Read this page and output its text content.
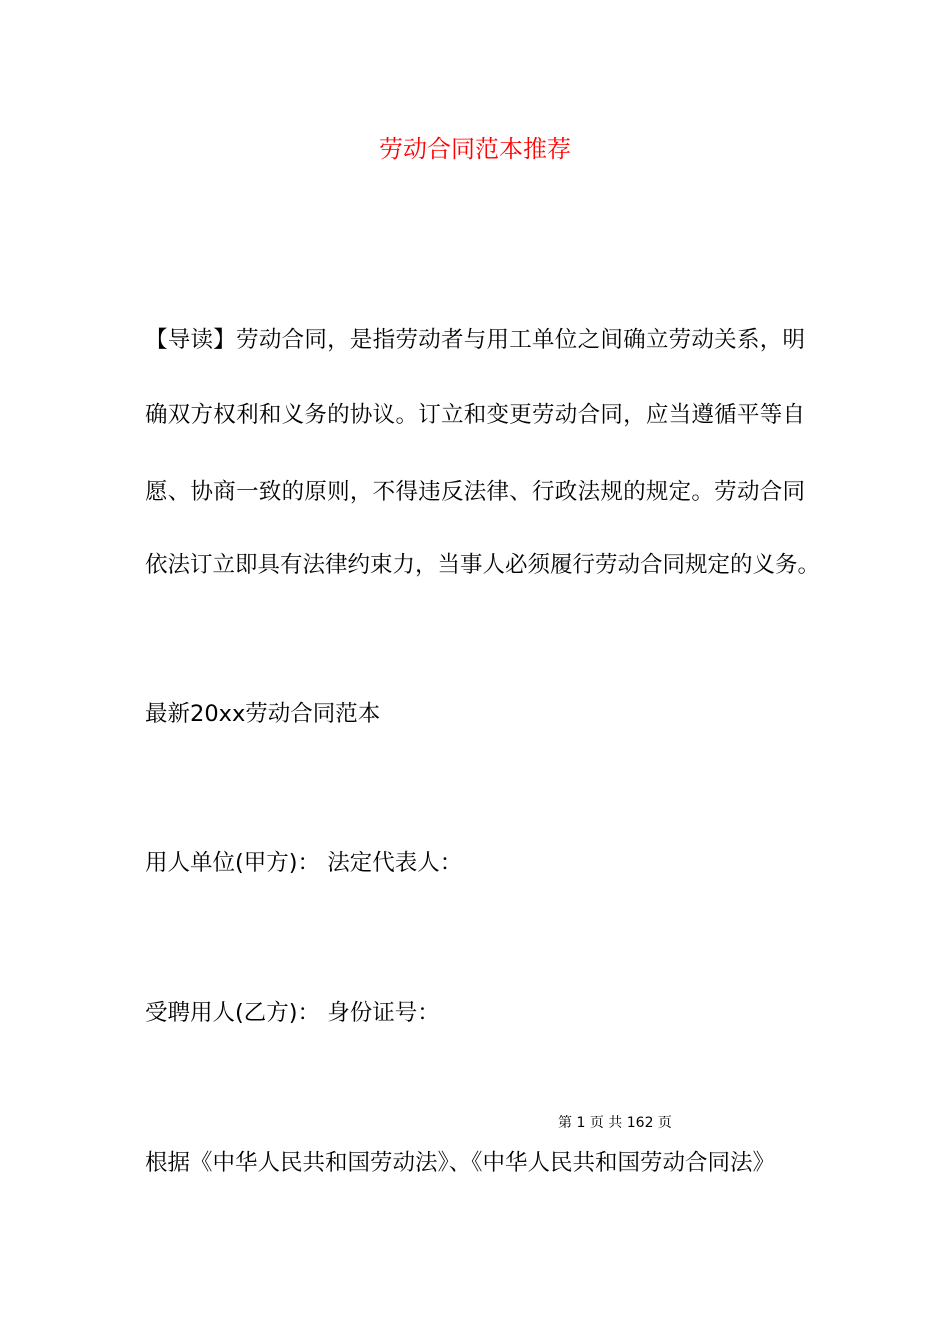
劳动合同范本推荐
【导读】劳动合同，是指劳动者与用工单位之间确立劳动关系，明
确双方权利和义务的协议。订立和变更劳动合同，应当遵循平等自
愿、协商一致的原则，不得违反法律、行政法规的规定。劳动合同
依法订立即具有法律约束力，当事人必须履行劳动合同规定的义务。
最新20xx劳动合同范本
用人单位(甲方)： 法定代表人：
受聘用人(乙方)： 身份证号：
第 1 页 共 162 页
根据《中华人民共和国劳动法》、《中华人民共和国劳动合同法》
